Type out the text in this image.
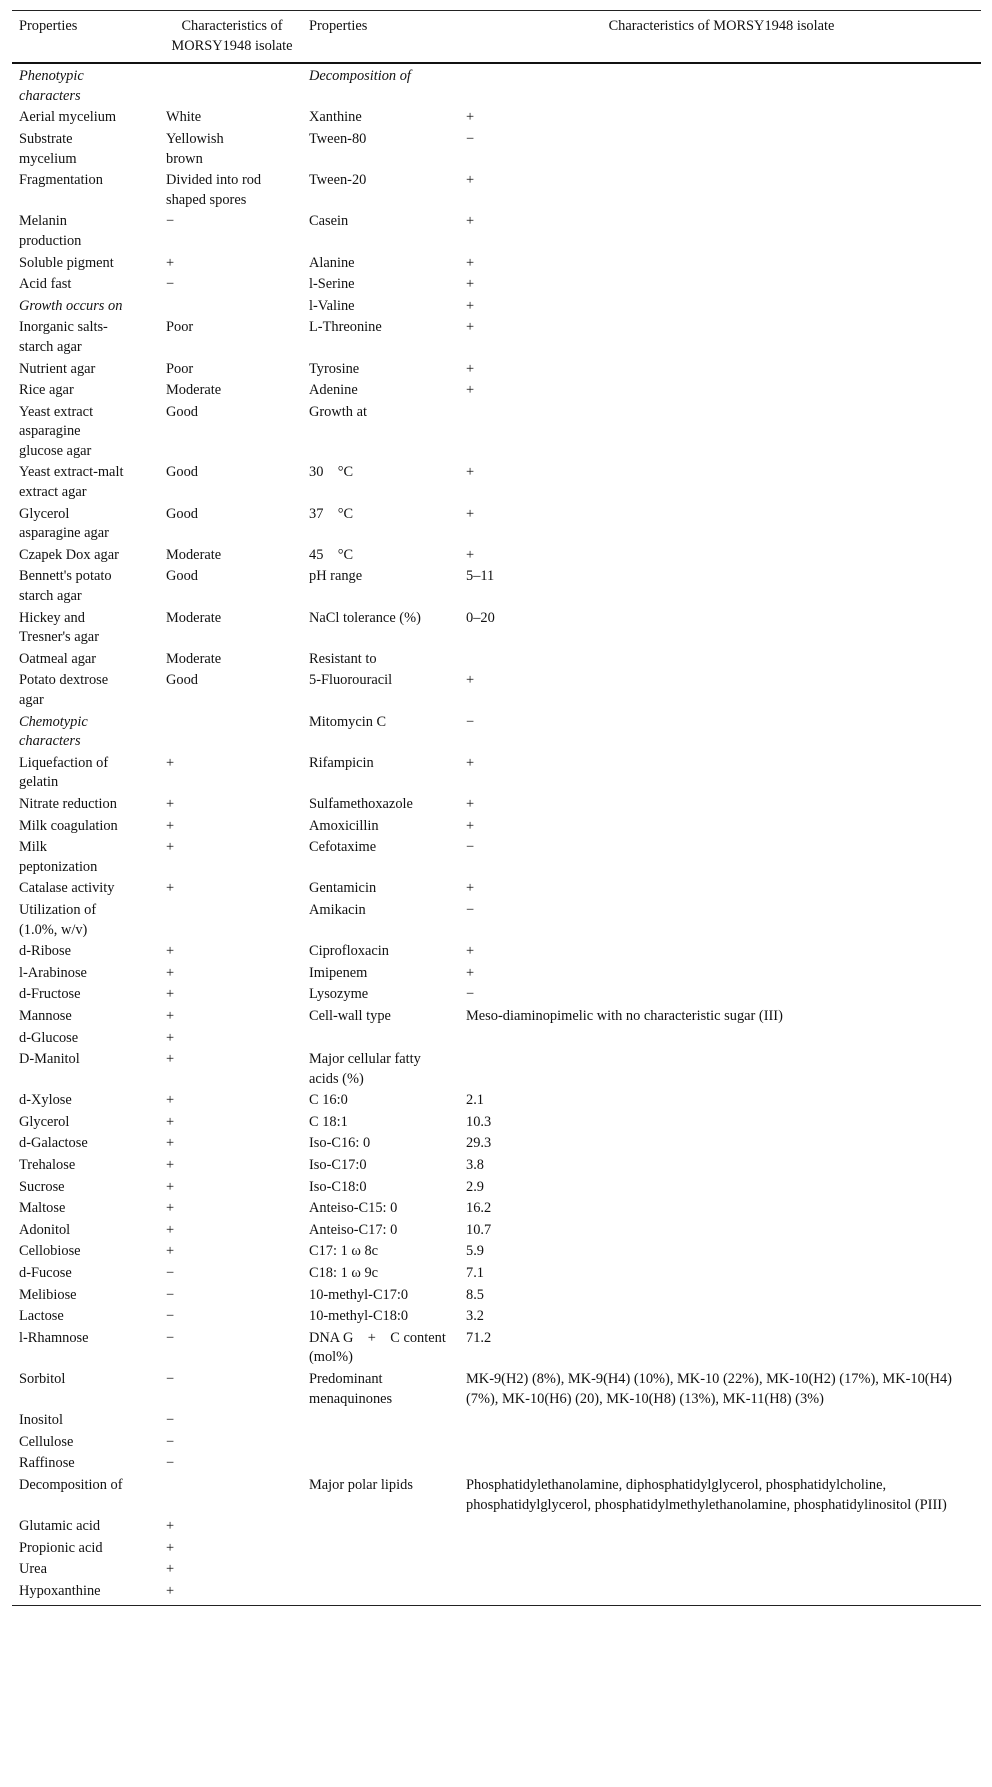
Properties	Characteristics of MORSY1948 isolate	Properties	Characteristics of MORSY1948 isolate
Phenotypic characters		Decomposition of	
Aerial mycelium	White	Xanthine	+
Substrate mycelium	Yellowish brown	Tween-80	−
Fragmentation	Divided into rod shaped spores	Tween-20	+
Melanin production	−	Casein	+
Soluble pigment	+	Alanine	+
Acid fast	−	l-Serine	+
Growth occurs on		l-Valine	+
Inorganic salts-starch agar	Poor	L-Threonine	+
Nutrient agar	Poor	Tyrosine	+
Rice agar	Moderate	Adenine	+
Yeast extract asparagine glucose agar	Good	Growth at	
Yeast extract-malt extract agar	Good	30 °C	+
Glycerol asparagine agar	Good	37 °C	+
Czapek Dox agar	Moderate	45 °C	+
Bennett's potato starch agar	Good	pH range	5–11
Hickey and Tresner's agar	Moderate	NaCl tolerance (%)	0–20
Oatmeal agar	Moderate	Resistant to	
Potato dextrose agar	Good	5-Fluorouracil	+
Chemotypic characters		Mitomycin C	−
Liquefaction of gelatin	+	Rifampicin	+
Nitrate reduction	+	Sulfamethoxazole	+
Milk coagulation	+	Amoxicillin	+
Milk peptonization	+	Cefotaxime	−
Catalase activity	+	Gentamicin	+
Utilization of (1.0%, w/v)		Amikacin	−
d-Ribose	+	Ciprofloxacin	+
l-Arabinose	+	Imipenem	+
d-Fructose	+	Lysozyme	−
Mannose	+	Cell-wall type	Meso-diaminopimelic with no characteristic sugar (III)
d-Glucose	+		
D-Manitol	+	Major cellular fatty acids (%)	
d-Xylose	+	C 16:0	2.1
Glycerol	+	C 18:1	10.3
d-Galactose	+	Iso-C16: 0	29.3
Trehalose	+	Iso-C17:0	3.8
Sucrose	+	Iso-C18:0	2.9
Maltose	+	Anteiso-C15: 0	16.2
Adonitol	+	Anteiso-C17: 0	10.7
Cellobiose	+	C17: 1 ω 8c	5.9
d-Fucose	−	C18: 1 ω 9c	7.1
Melibiose	−	10-methyl-C17:0	8.5
Lactose	−	10-methyl-C18:0	3.2
l-Rhamnose	−	DNA G + C content (mol%)	71.2
Sorbitol	−	Predominant menaquinones	MK-9(H2) (8%), MK-9(H4) (10%), MK-10 (22%), MK-10(H2) (17%), MK-10(H4) (7%), MK-10(H6) (20), MK-10(H8) (13%), MK-11(H8) (3%)
Inositol	−		
Cellulose	−		
Raffinose	−		
Decomposition of		Major polar lipids	Phosphatidylethanolamine, diphosphatidylglycerol, phosphatidylcholine, phosphatidylglycerol, phosphatidylmethylethanolamine, phosphatidylinositol (PIII)
Glutamic acid	+		
Propionic acid	+		
Urea	+		
Hypoxanthine	+		
